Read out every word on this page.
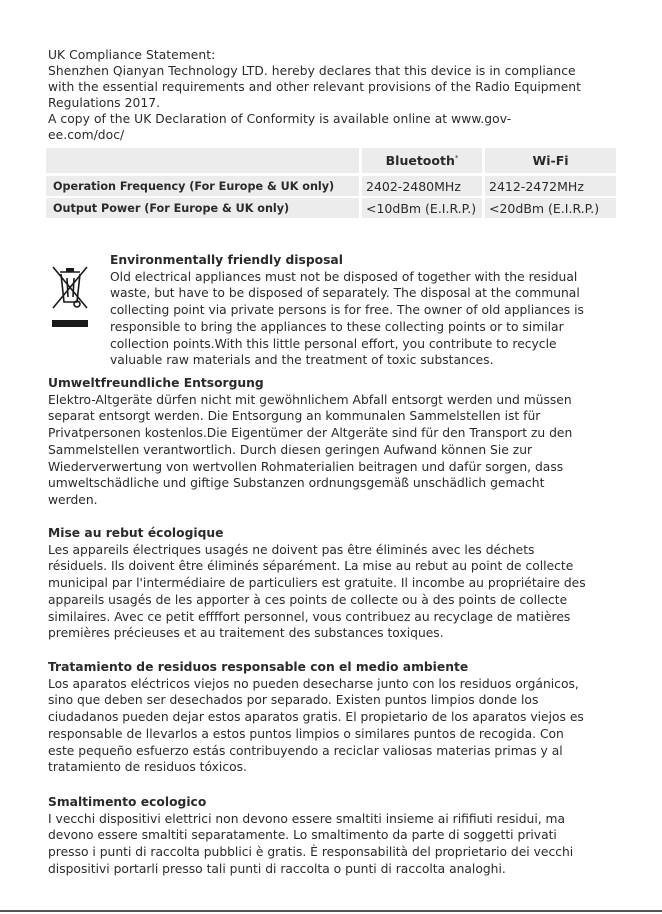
UK Compliance Statement:
Shenzhen Qianyan Technology LTD. hereby declares that this device is in compliance
with the essential requirements and other relevant provisions of the Radio Equipment
Regulations 2017.
A copy of the UK Declaration of Conformity is available online at www.gov-
ee.com/doc/
		Bluetooth*		Wi-Fi

Operation Frequency (For Europe & UK only)		2402-2480MHz		2412-2472MHz

Output Power (For Europe & UK only)		<10dBm (E.I.R.P.)		<20dBm (E.I.R.P.)
Environmentally friendly disposal
Old electrical appliances must not be disposed of together with the residual
waste, but have to be disposed of separately. The disposal at the communal
collecting point via private persons is for free. The owner of old appliances is
responsible to bring the appliances to these collecting points or to similar
collection points.With this little personal effort, you contribute to recycle
valuable raw materials and the treatment of toxic substances.
Umweltfreundliche Entsorgung
Elektro-Altgeräte dürfen nicht mit gewöhnlichem Abfall entsorgt werden und müssen
separat entsorgt werden. Die Entsorgung an kommunalen Sammelstellen ist für
Privatpersonen kostenlos.Die Eigentümer der Altgeräte sind für den Transport zu den
Sammelstellen verantwortlich. Durch diesen geringen Aufwand können Sie zur
Wiederverwertung von wertvollen Rohmaterialien beitragen und dafür sorgen, dass
umweltschädliche und giftige Substanzen ordnungsgemäß unschädlich gemacht
werden.
Mise au rebut écologique
Les appareils électriques usagés ne doivent pas être éliminés avec les déchets
résiduels. Ils doivent être éliminés séparément. La mise au rebut au point de collecte
municipal par l'intermédiaire de particuliers est gratuite. Il incombe au propriétaire des
appareils usagés de les apporter à ces points de collecte ou à des points de collecte
similaires. Avec ce petit effffort personnel, vous contribuez au recyclage de matières
premières précieuses et au traitement des substances toxiques.
Tratamiento de residuos responsable con el medio ambiente
Los aparatos eléctricos viejos no pueden desecharse junto con los residuos orgánicos,
sino que deben ser desechados por separado. Existen puntos limpios donde los
ciudadanos pueden dejar estos aparatos gratis. El propietario de los aparatos viejos es
responsable de llevarlos a estos puntos limpios o similares puntos de recogida. Con
este pequeño esfuerzo estás contribuyendo a reciclar valiosas materias primas y al
tratamiento de residuos tóxicos.
Smaltimento ecologico
I vecchi dispositivi elettrici non devono essere smaltiti insieme ai rifiﬁuti residui, ma
devono essere smaltiti separatamente. Lo smaltimento da parte di soggetti privati
presso i punti di raccolta pubblici è gratis. È responsabilità del proprietario dei vecchi
dispositivi portarli presso tali punti di raccolta o punti di raccolta analoghi.
